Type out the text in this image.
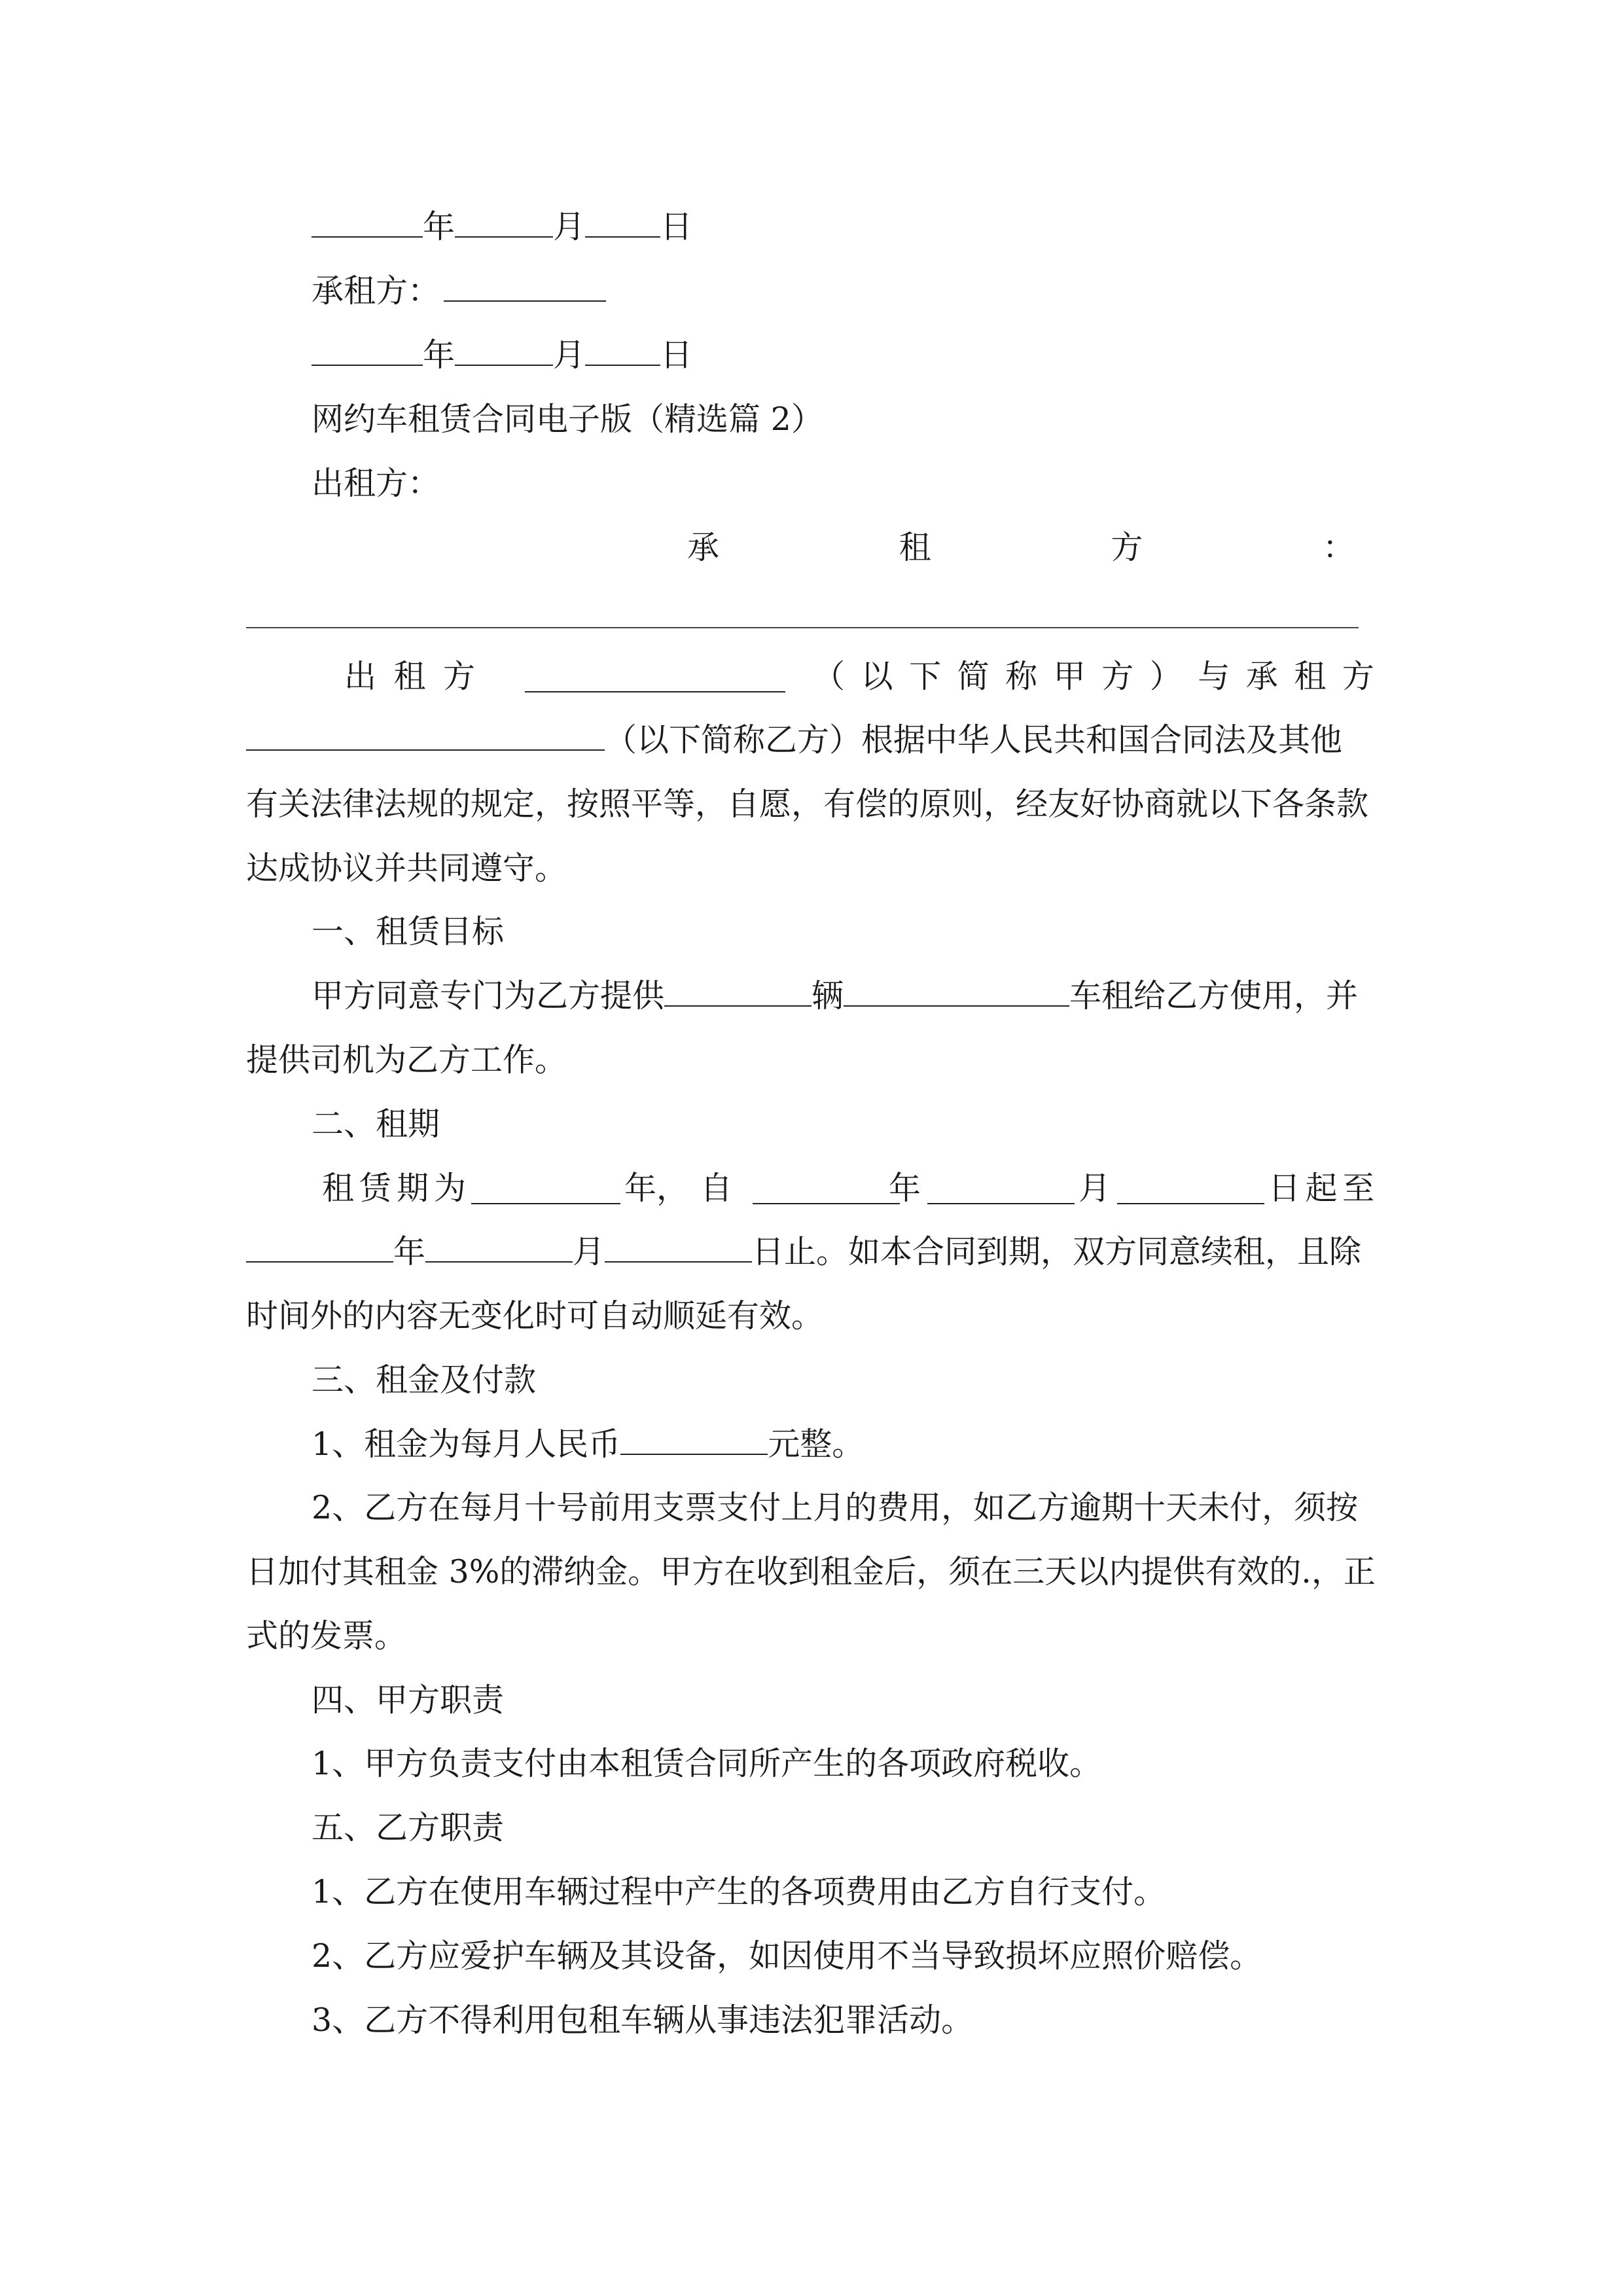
年	月 日
承租方：
年	月 日
网约车租赁合同电子版（精选篇 2）
出租方：
承	租	方	：
出 租 方	（ 以 下 简 称 甲 方 ） 与 承 租 方
（以下简称乙方）根据中华人民共和国合同法及其他
有关法律法规的规定，按照平等，自愿，有偿的原则，经友好协商就以下各条款
达成协议并共同遵守。
一、租赁目标
甲方同意专门为乙方提供	辆	车租给乙方使用，并
提供司机为乙方工作。
二、租期
租 赁 期 为	年， 自	年	月	日 起 至
年	月	日止。如本合同到期，双方同意续租，且除
时间外的内容无变化时可自动顺延有效。
三、租金及付款
1、租金为每月人民币	元整。
2、乙方在每月十号前用支票支付上月的费用，如乙方逾期十天未付，须按
日加付其租金 3%的滞纳金。甲方在收到租金后，须在三天以内提供有效的.，正
式的发票。
四、甲方职责
1、甲方负责支付由本租赁合同所产生的各项政府税收。
五、乙方职责
1、乙方在使用车辆过程中产生的各项费用由乙方自行支付。
2、乙方应爱护车辆及其设备，如因使用不当导致损坏应照价赔偿。
3、乙方不得利用包租车辆从事违法犯罪活动。
